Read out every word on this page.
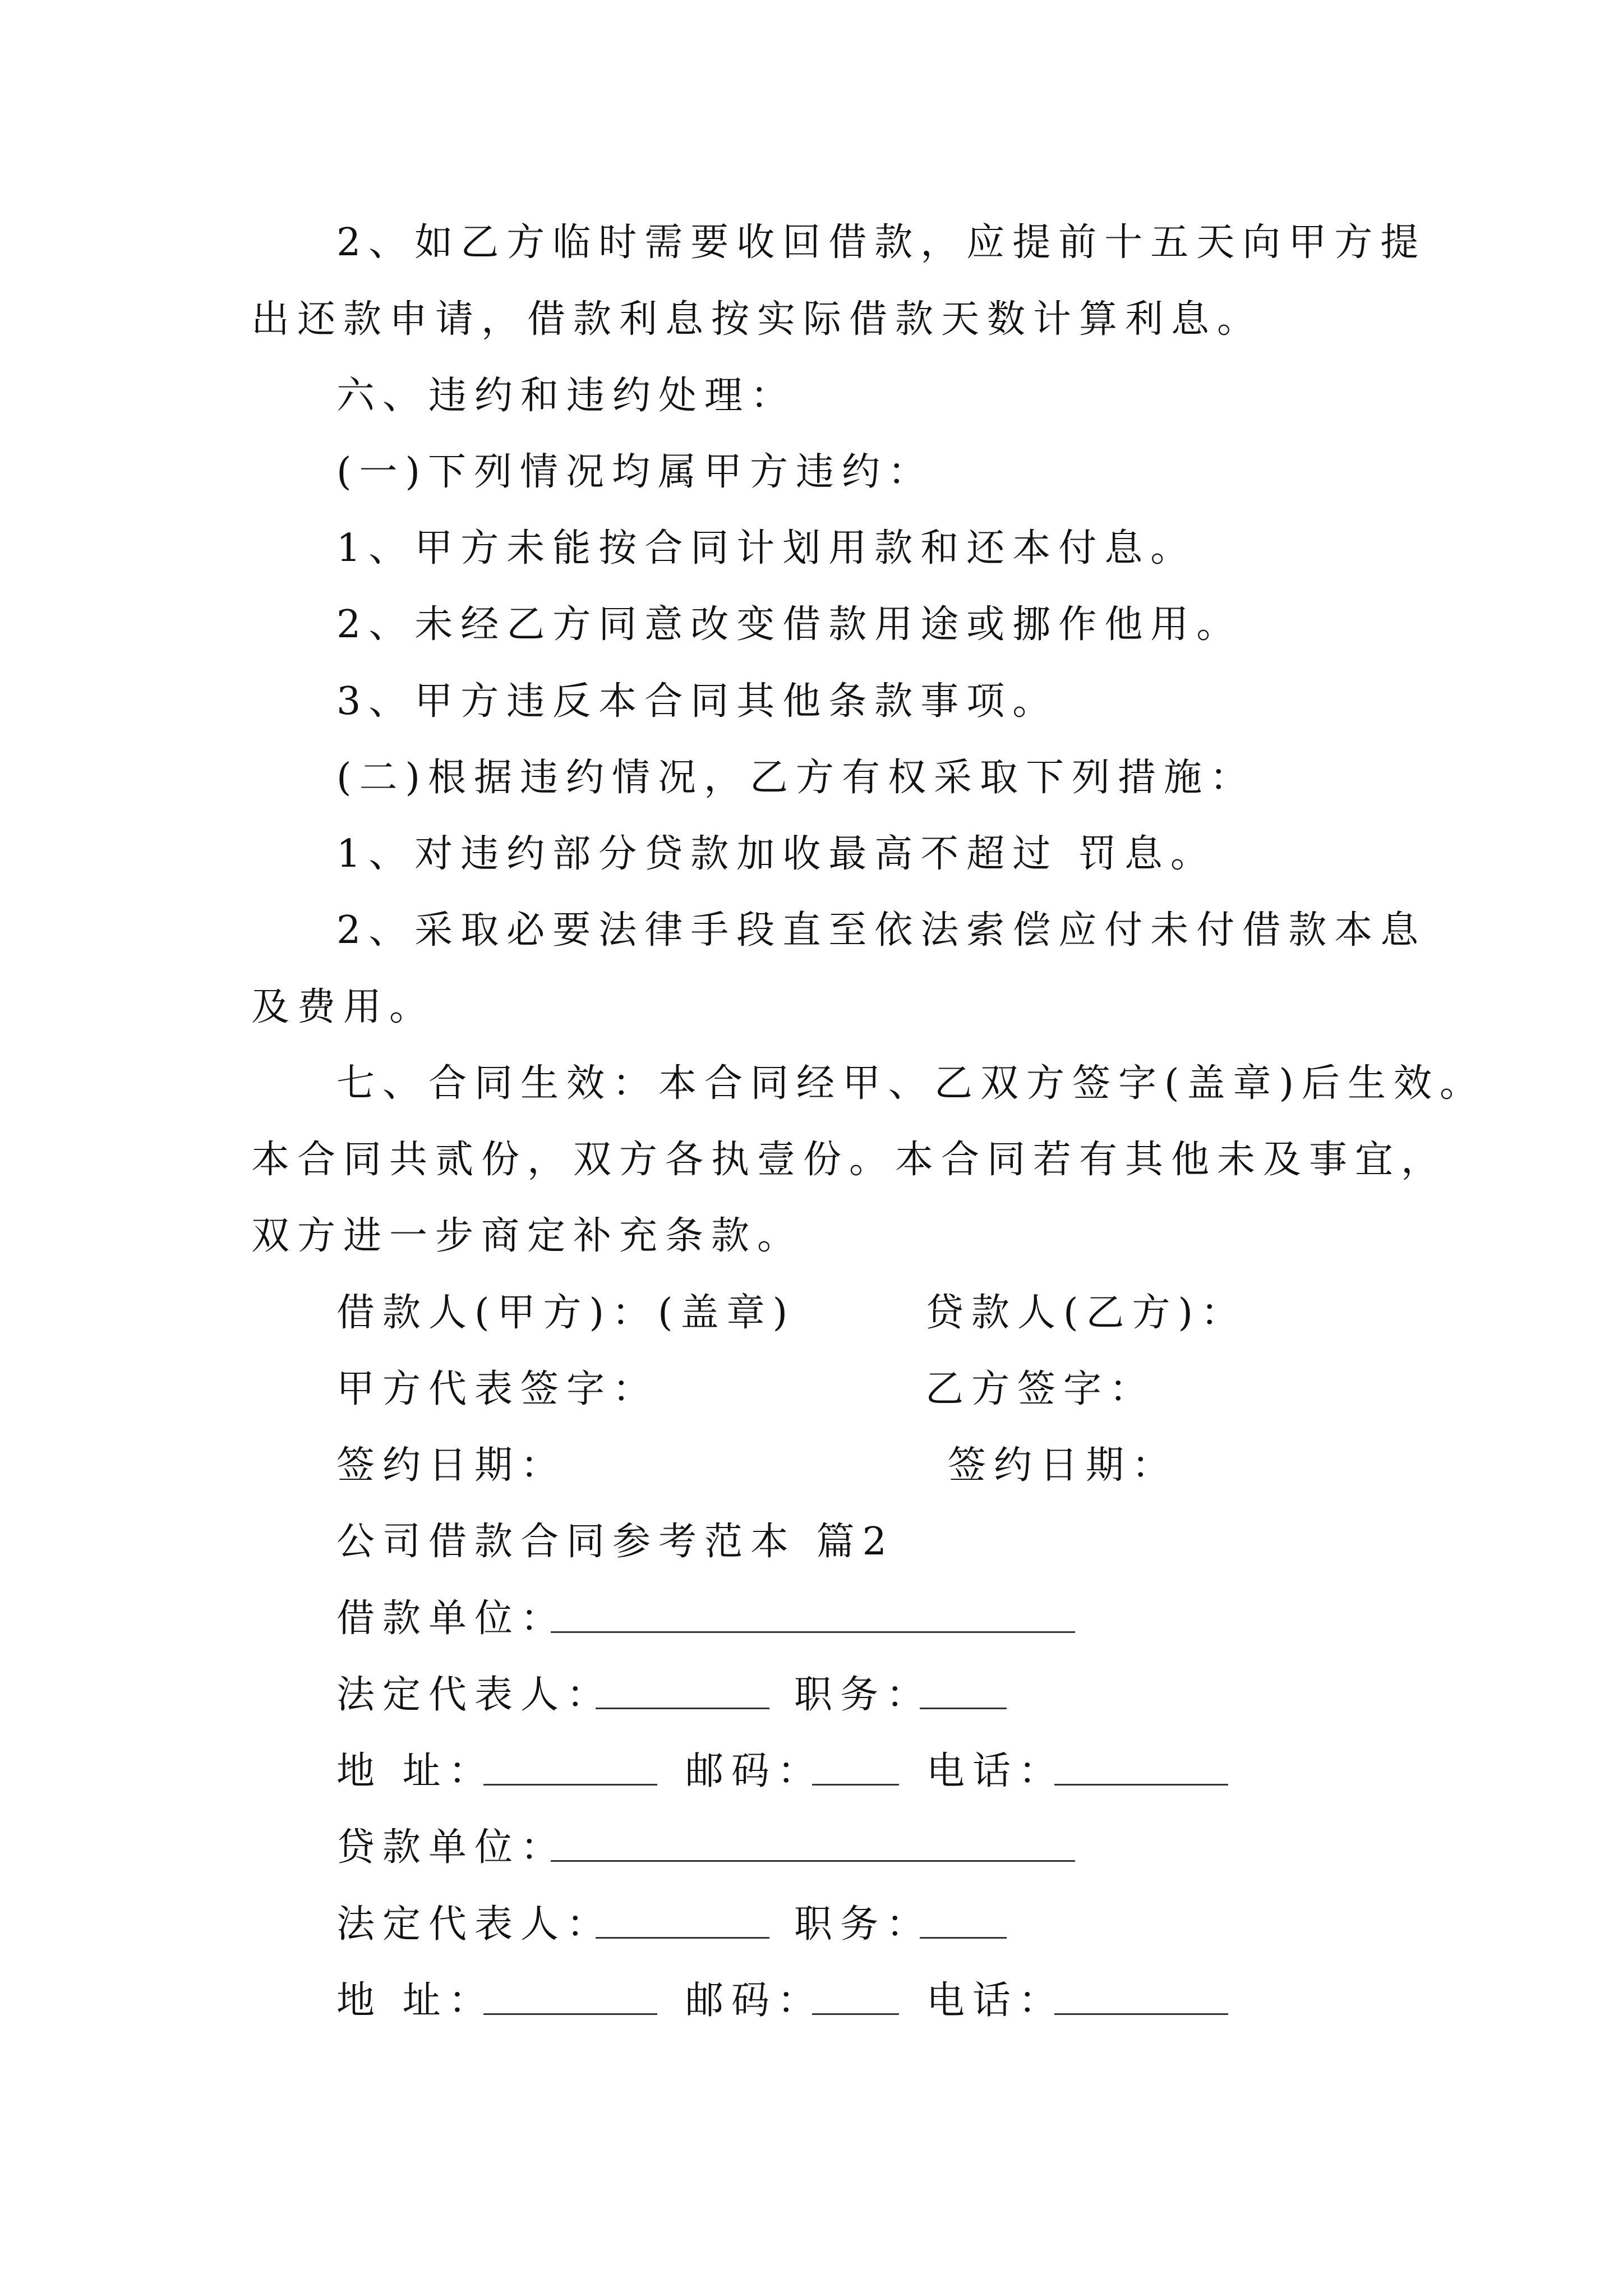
2、如乙方临时需要收回借款，应提前十五天向甲方提
出还款申请，借款利息按实际借款天数计算利息。
六、违约和违约处理：
(一)下列情况均属甲方违约：
1、甲方未能按合同计划用款和还本付息。
2、未经乙方同意改变借款用途或挪作他用。
3、甲方违反本合同其他条款事项。
(二)根据违约情况，乙方有权采取下列措施：
1、对违约部分贷款加收最高不超过 罚息。
2、采取必要法律手段直至依法索偿应付未付借款本息
及费用。
七、合同生效：本合同经甲、乙双方签字(盖章)后生效。
本合同共贰份，双方各执壹份。本合同若有其他未及事宜，
双方进一步商定补充条款。
借款人(甲方)：(盖章)	贷款人(乙方)：
甲方代表签字：	乙方签字：
签约日期：	签约日期：
公司借款合同参考范本 篇2
借款单位：
法定代表人：	职务：
地 址：	邮码：	电话：
贷款单位：
法定代表人：	职务：
地 址：	邮码：	电话：
